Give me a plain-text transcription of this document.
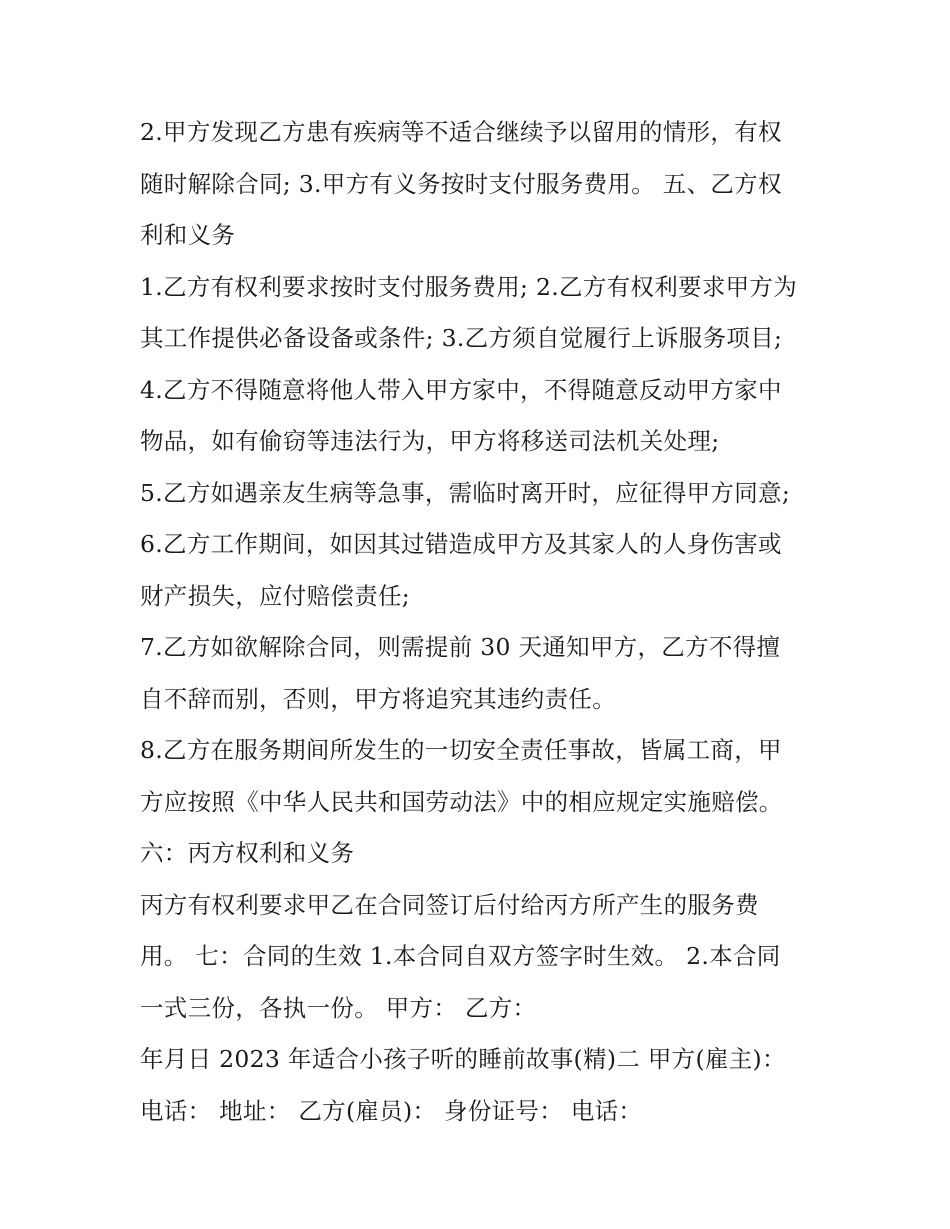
2.甲方发现乙方患有疾病等不适合继续予以留用的情形，有权
随时解除合同; 3.甲方有义务按时支付服务费用。 五、乙方权
利和义务
1.乙方有权利要求按时支付服务费用; 2.乙方有权利要求甲方为
其工作提供必备设备或条件; 3.乙方须自觉履行上诉服务项目;
4.乙方不得随意将他人带入甲方家中，不得随意反动甲方家中
物品，如有偷窃等违法行为，甲方将移送司法机关处理;
5.乙方如遇亲友生病等急事，需临时离开时，应征得甲方同意;
6.乙方工作期间，如因其过错造成甲方及其家人的人身伤害或
财产损失，应付赔偿责任;
7.乙方如欲解除合同，则需提前 30 天通知甲方，乙方不得擅
自不辞而别，否则，甲方将追究其违约责任。
8.乙方在服务期间所发生的一切安全责任事故，皆属工商，甲
方应按照《中华人民共和国劳动法》中的相应规定实施赔偿。
六：丙方权利和义务
丙方有权利要求甲乙在合同签订后付给丙方所产生的服务费
用。 七：合同的生效 1.本合同自双方签字时生效。 2.本合同
一式三份，各执一份。 甲方： 乙方：
年月日 2023 年适合小孩子听的睡前故事(精)二 甲方(雇主)：
电话： 地址： 乙方(雇员)： 身份证号： 电话：
